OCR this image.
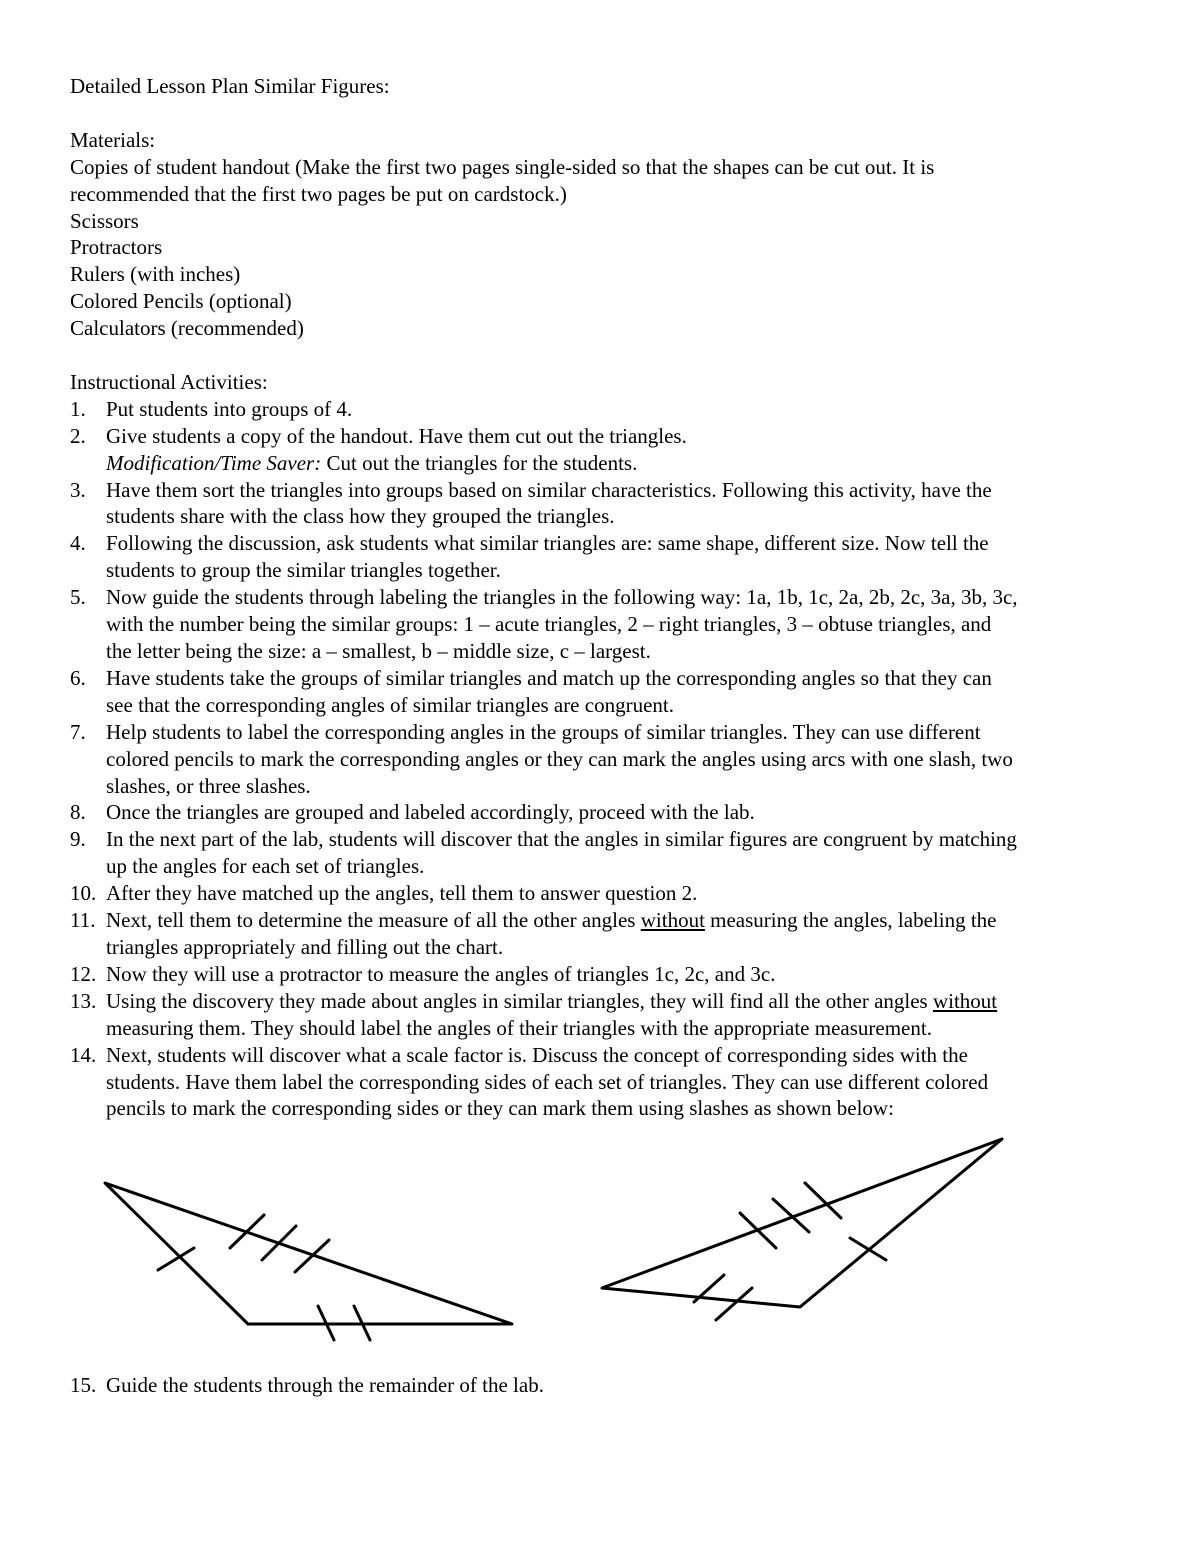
Detailed Lesson Plan Similar Figures:
Materials:
Copies of student handout (Make the first two pages single-sided so that the shapes can be cut out. It is
recommended that the first two pages be put on cardstock.)
Scissors
Protractors
Rulers (with inches)
Colored Pencils (optional)
Calculators (recommended)
Instructional Activities:
1. Put students into groups of 4.
2. Give students a copy of the handout. Have them cut out the triangles.
Modification/Time Saver: Cut out the triangles for the students.
3. Have them sort the triangles into groups based on similar characteristics. Following this activity, have the
students share with the class how they grouped the triangles.
4. Following the discussion, ask students what similar triangles are: same shape, different size. Now tell the
students to group the similar triangles together.
5. Now guide the students through labeling the triangles in the following way: 1a, 1b, 1c, 2a, 2b, 2c, 3a, 3b, 3c,
with the number being the similar groups: 1 – acute triangles, 2 – right triangles, 3 – obtuse triangles, and
the letter being the size: a – smallest, b – middle size, c – largest.
6. Have students take the groups of similar triangles and match up the corresponding angles so that they can
see that the corresponding angles of similar triangles are congruent.
7. Help students to label the corresponding angles in the groups of similar triangles. They can use different
colored pencils to mark the corresponding angles or they can mark the angles using arcs with one slash, two
slashes, or three slashes.
8. Once the triangles are grouped and labeled accordingly, proceed with the lab.
9. In the next part of the lab, students will discover that the angles in similar figures are congruent by matching
up the angles for each set of triangles.
10. After they have matched up the angles, tell them to answer question 2.
11. Next, tell them to determine the measure of all the other angles without measuring the angles, labeling the
triangles appropriately and filling out the chart.
12. Now they will use a protractor to measure the angles of triangles 1c, 2c, and 3c.
13. Using the discovery they made about angles in similar triangles, they will find all the other angles without
measuring them. They should label the angles of their triangles with the appropriate measurement.
14. Next, students will discover what a scale factor is. Discuss the concept of corresponding sides with the
students. Have them label the corresponding sides of each set of triangles. They can use different colored
pencils to mark the corresponding sides or they can mark them using slashes as shown below:
15. Guide the students through the remainder of the lab.
